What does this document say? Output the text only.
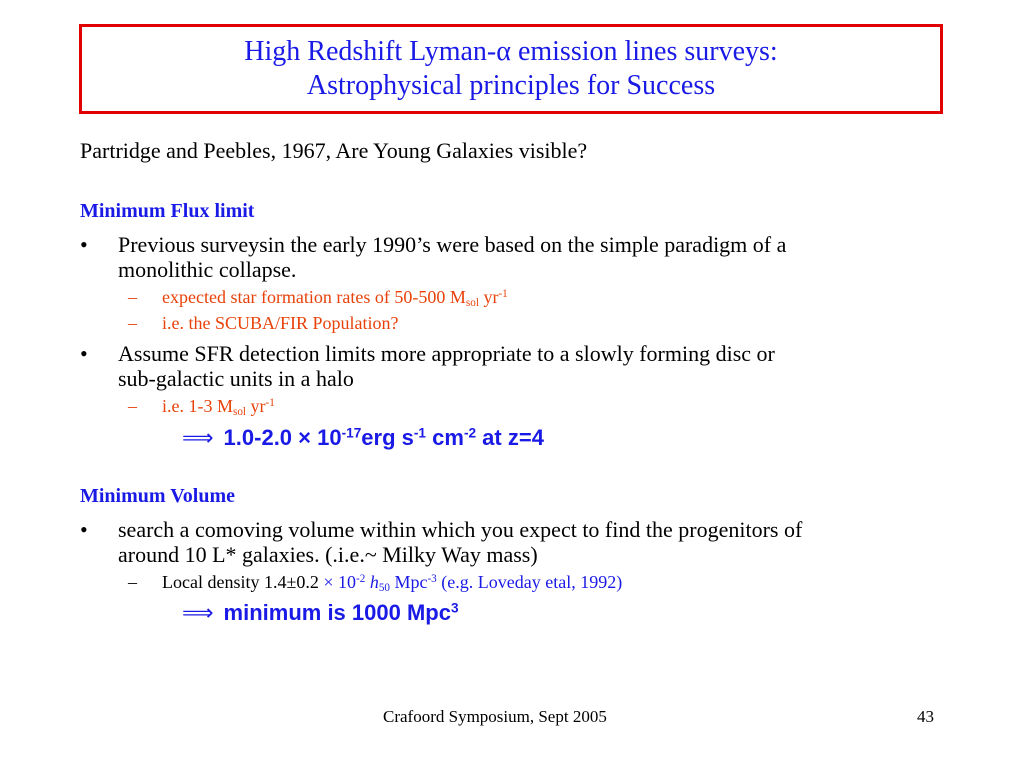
High Redshift Lyman-α emission lines surveys:
Astrophysical principles for Success
Partridge and Peebles, 1967, Are Young Galaxies visible?
Minimum Flux limit
• Previous surveysin the early 1990’s were based on the simple paradigm of a
monolithic collapse.
– expected star formation rates of 50-500 $M_{sol}$ $yr^{-1}$
– i.e. the SCUBA/FIR Population?
• Assume SFR detection limits more appropriate to a slowly forming disc or
sub-galactic units in a halo
– i.e. 1-3 $M_{sol}$ $yr^{-1}$
⟹ $1.0-2.0 \times 10^{-17}erg$ $s^{-1}$ $cm^{-2}$ at z=4
Minimum Volume
• search a comoving volume within which you expect to find the progenitors of
around 10 L* galaxies. (.i.e.~ Milky Way mass)
– Local density $1.4\pm 0.2 \times 10^{-2}$ $h_{50}$ Mpc$^{-3}$ (e.g. Loveday etal, 1992)
⟹ minimum is 1000 Mpc$^3$
Crafoord Symposium, Sept 2005	43
